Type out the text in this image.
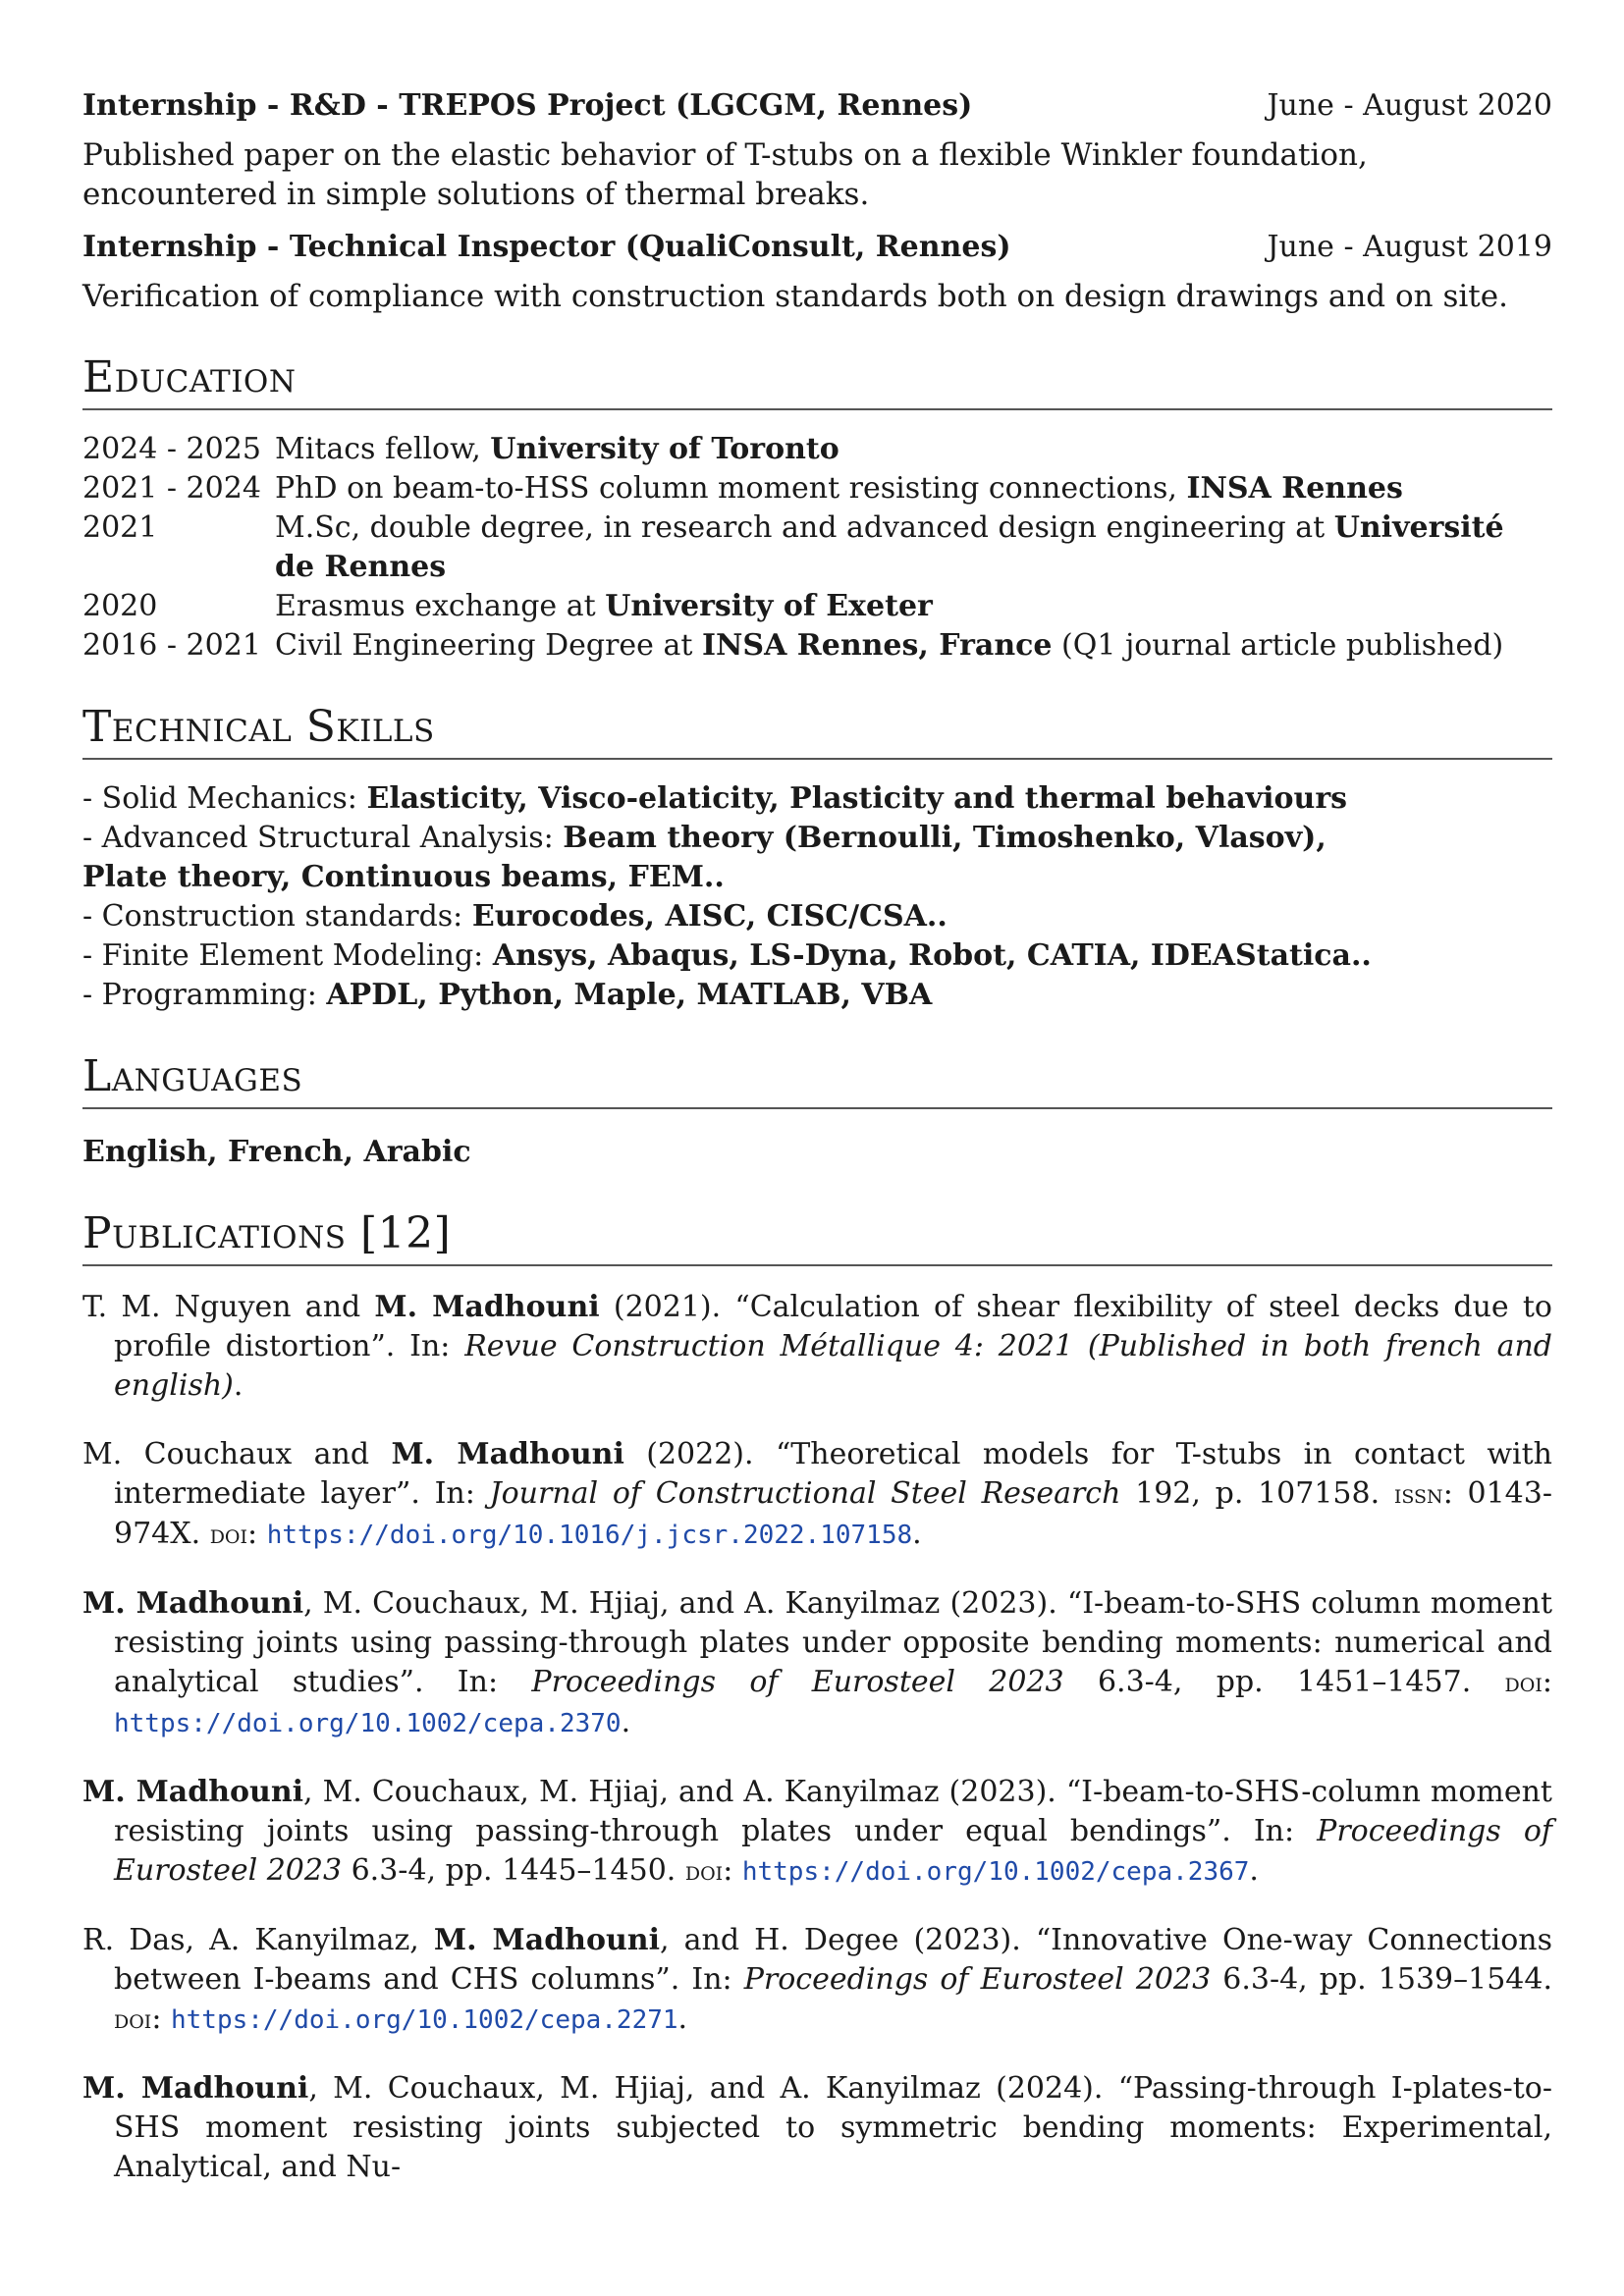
Internship - R&D - TREPOS Project (LGCGM, Rennes)	June - August 2020
Published paper on the elastic behavior of T-stubs on a flexible Winkler foundation, encountered in simple solutions of thermal breaks.
Internship - Technical Inspector (QualiConsult, Rennes)	June - August 2019
Verification of compliance with construction standards both on design drawings and on site.
Education
2024 - 2025 Mitacs fellow, University of Toronto
2021 - 2024 PhD on beam-to-HSS column moment resisting connections, INSA Rennes
2021	M.Sc, double degree, in research and advanced design engineering at Université de Rennes
2020	Erasmus exchange at University of Exeter
2016 - 2021 Civil Engineering Degree at INSA Rennes, France (Q1 journal article published)
Technical Skills
- Solid Mechanics: Elasticity, Visco-elaticity, Plasticity and thermal behaviours
- Advanced Structural Analysis: Beam theory (Bernoulli, Timoshenko, Vlasov), Plate theory, Continuous beams, FEM..
- Construction standards: Eurocodes, AISC, CISC/CSA..
- Finite Element Modeling: Ansys, Abaqus, LS-Dyna, Robot, CATIA, IDEAStatica..
- Programming: APDL, Python, Maple, MATLAB, VBA
Languages
English, French, Arabic
Publications [12]
T. M. Nguyen and M. Madhouni (2021). “Calculation of shear flexibility of steel decks due to profile distortion”. In: Revue Construction Métallique 4: 2021 (Published in both french and english).
M. Couchaux and M. Madhouni (2022). “Theoretical models for T-stubs in contact with intermediate layer”. In: Journal of Constructional Steel Research 192, p. 107158. issn: 0143-974X. doi: https://doi.org/10.1016/j.jcsr.2022.107158.
M. Madhouni, M. Couchaux, M. Hjiaj, and A. Kanyilmaz (2023). “I-beam-to-SHS column moment resisting joints using passing-through plates under opposite bending moments: numerical and analytical studies”. In: Proceedings of Eurosteel 2023 6.3-4, pp. 1451–1457. doi: https://doi.org/10.1002/cepa.2370.
M. Madhouni, M. Couchaux, M. Hjiaj, and A. Kanyilmaz (2023). “I-beam-to-SHS-column moment resisting joints using passing-through plates under equal bendings”. In: Proceedings of Eurosteel 2023 6.3-4, pp. 1445–1450. doi: https://doi.org/10.1002/cepa.2367.
R. Das, A. Kanyilmaz, M. Madhouni, and H. Degee (2023). “Innovative One-way Connections between I-beams and CHS columns”. In: Proceedings of Eurosteel 2023 6.3-4, pp. 1539–1544. doi: https://doi.org/10.1002/cepa.2271.
M. Madhouni, M. Couchaux, M. Hjiaj, and A. Kanyilmaz (2024). “Passing-through I-plates-to-SHS moment resisting joints subjected to symmetric bending moments: Experimental, Analytical, and Nu-
